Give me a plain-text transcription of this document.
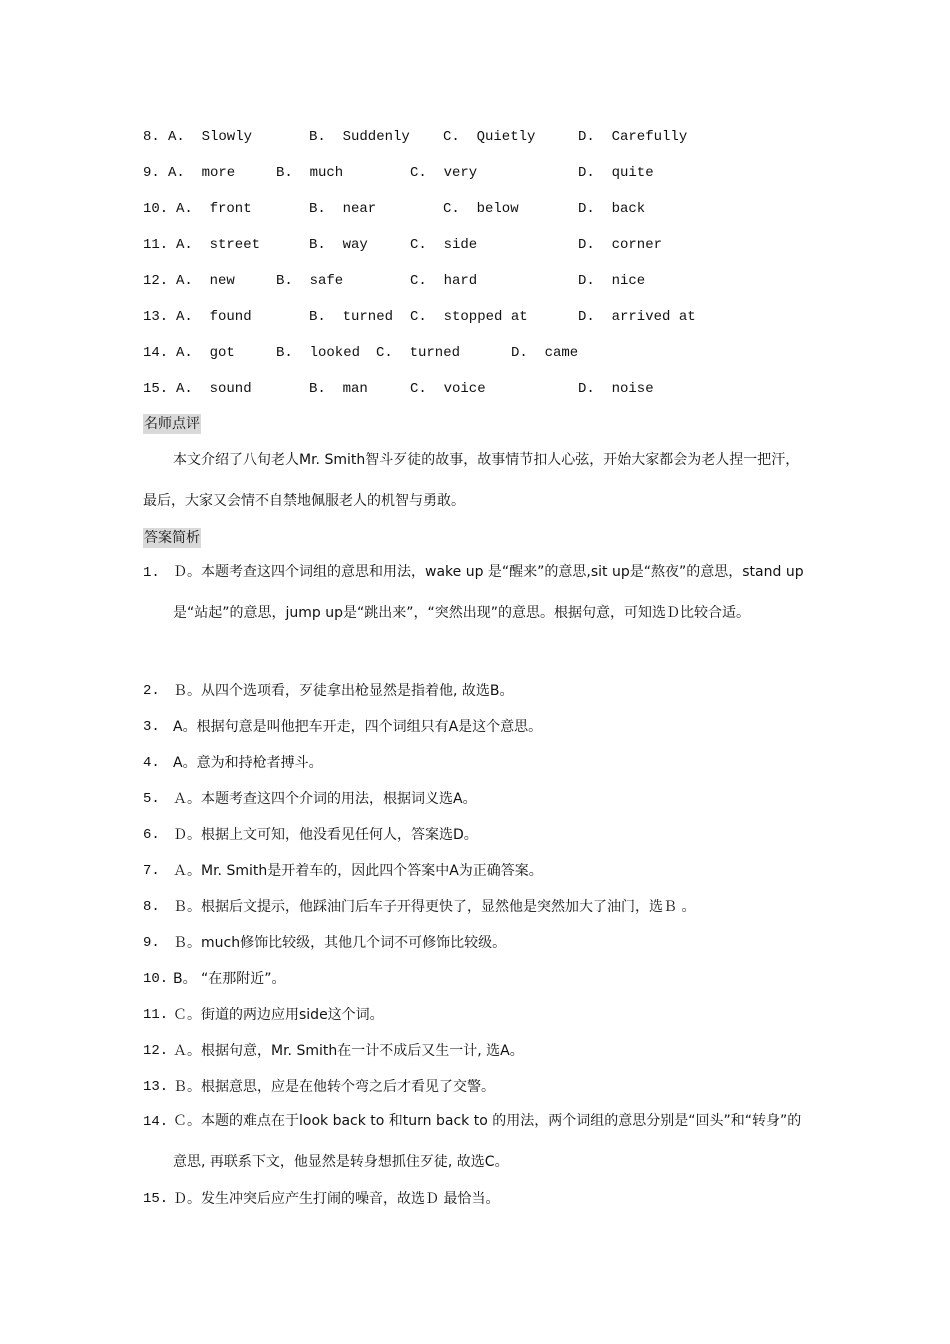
8.

A.  Slowly

	B.  Suddenly

C.  Quietly

	D.  Carefully

9.

A.  more

	B.  much

	C.  very

	D.  quite

10.

A.  front

	B.  near

	C.  below

	D.  back

11.

A.  street

	B.  way

	C.  side

	D.  corner

12.

A.  new

	B.  safe

	C.  hard

	D.  nice

13.

A.  found

	B.  turned

C.  stopped at

	D.  arrived at

14.

A.  got

	B.  looked

C.  turned

	D.  came

15.

A.  sound

	B.  man

	C.  voice

	D.  noise

名师点评
本文介绍了八旬老人Mr. Smith智斗歹徒的故事，故事情节扣人心弦，开始大家都会为老人捏一把汗，最后，大家又会情不自禁地佩服老人的机智与勇敢。
答案简析
1. Ｄ。本题考查这四个词组的意思和用法，wake up 是“醒来”的意思,sit up是“熬夜”的意思，stand up是“站起”的意思，jump up是“跳出来”，“突然出现”的意思。根据句意，可知选Ｄ比较合适。
2. Ｂ。从四个选项看，歹徒拿出枪显然是指着他, 故选B。
3. A。根据句意是叫他把车开走，四个词组只有A是这个意思。
4. A。意为和持枪者搏斗。
5. Ａ。本题考查这四个介词的用法，根据词义选A。
6. Ｄ。根据上文可知，他没看见任何人，答案选D。
7. Ａ。Mr. Smith是开着车的，因此四个答案中A为正确答案。
8. Ｂ。根据后文提示，他踩油门后车子开得更快了，显然他是突然加大了油门，选Ｂ 。
9. Ｂ。much修饰比较级，其他几个词不可修饰比较级。
10. B。 “在那附近”。
11. Ｃ。街道的两边应用side这个词。
12. Ａ。根据句意，Mr. Smith在一计不成后又生一计, 选A。
13. Ｂ。根据意思，应是在他转个弯之后才看见了交警。
14. Ｃ。本题的难点在于look back to 和turn back to 的用法，两个词组的意思分别是“回头”和“转身”的意思, 再联系下文，他显然是转身想抓住歹徒, 故选C。
15. Ｄ。发生冲突后应产生打闹的噪音，故选Ｄ 最恰当。
